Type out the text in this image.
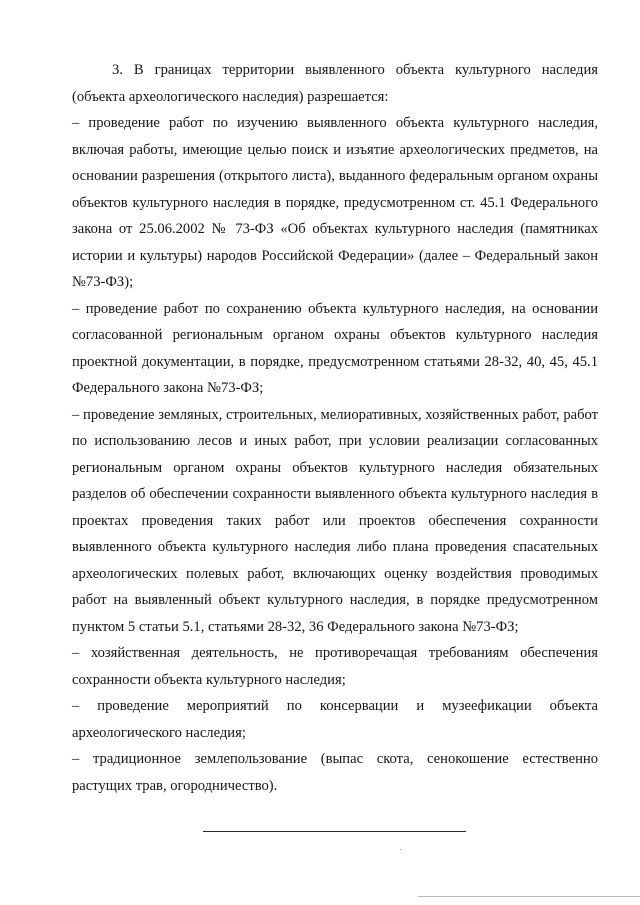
3. В границах территории выявленного объекта культурного наследия (объекта археологического наследия) разрешается:

– проведение работ по изучению выявленного объекта культурного наследия, включая работы, имеющие целью поиск и изъятие археологических предметов, на основании разрешения (открытого листа), выданного федеральным органом охраны объектов культурного наследия в порядке, предусмотренном ст. 45.1 Федерального закона от 25.06.2002 № 73-ФЗ «Об объектах культурного наследия (памятниках истории и культуры) народов Российской Федерации» (далее – Федеральный закон №73-ФЗ);

– проведение работ по сохранению объекта культурного наследия, на основании согласованной региональным органом охраны объектов культурного наследия проектной документации, в порядке, предусмотренном статьями 28-32, 40, 45, 45.1 Федерального закона №73-ФЗ;

– проведение земляных, строительных, мелиоративных, хозяйственных работ, работ по использованию лесов и иных работ, при условии реализации согласованных региональным органом охраны объектов культурного наследия обязательных разделов об обеспечении сохранности выявленного объекта культурного наследия в проектах проведения таких работ или проектов обеспечения сохранности выявленного объекта культурного наследия либо плана проведения спасательных археологических полевых работ, включающих оценку воздействия проводимых работ на выявленный объект культурного наследия, в порядке предусмотренном пунктом 5 статьи 5.1, статьями 28-32, 36 Федерального закона №73-ФЗ;

– хозяйственная деятельность, не противоречащая требованиям обеспечения сохранности объекта культурного наследия;

– проведение мероприятий по консервации и музеефикации объекта археологического наследия;

– традиционное землепользование (выпас скота, сенокошение естественно растущих трав, огородничество).
